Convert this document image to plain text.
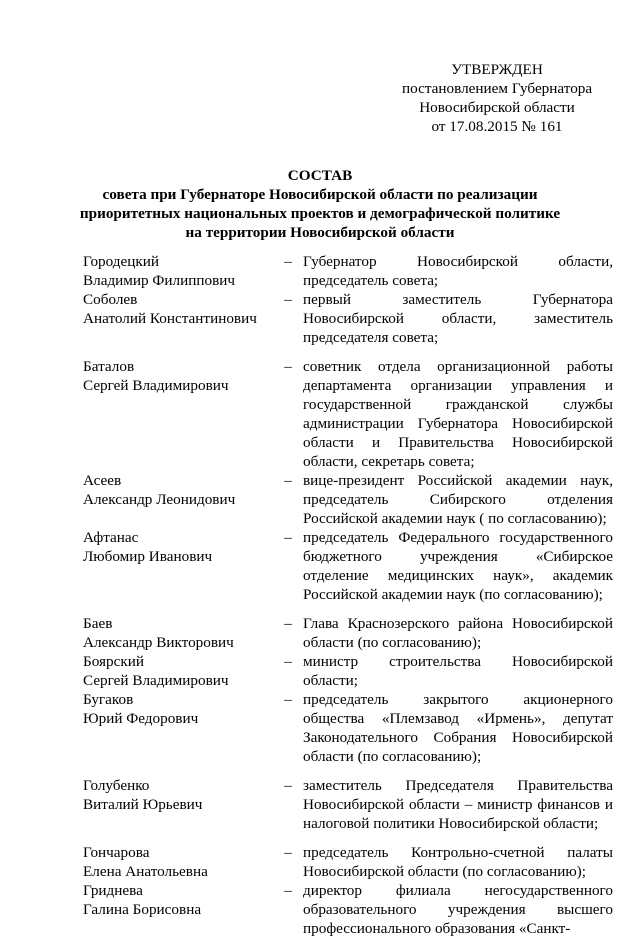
УТВЕРЖДЕН
постановлением Губернатора
Новосибирской области
от 17.08.2015 № 161
СОСТАВ
совета при Губернаторе Новосибирской области по реализации
приоритетных национальных проектов и демографической политике
на территории Новосибирской области
Городецкий
Владимир Филиппович
– Губернатор Новосибирской области, председатель совета;
Соболев
Анатолий Константинович
– первый заместитель Губернатора Новосибирской области, заместитель председателя совета;
Баталов
Сергей Владимирович
– советник отдела организационной работы департамента организации управления и государственной гражданской службы администрации Губернатора Новосибирской области и Правительства Новосибирской области, секретарь совета;
Асеев
Александр Леонидович
– вице-президент Российской академии наук, председатель Сибирского отделения Российской академии наук ( по согласованию);
Афтанас
Любомир Иванович
– председатель Федерального государственного бюджетного учреждения «Сибирское отделение медицинских наук», академик Российской академии наук (по согласованию);
Баев
Александр Викторович
– Глава Краснозерского района Новосибирской области (по согласованию);
Боярский
Сергей Владимирович
– министр строительства Новосибирской области;
Бугаков
Юрий Федорович
– председатель закрытого акционерного общества «Племзавод «Ирмень», депутат Законодательного Собрания Новосибирской области (по согласованию);
Голубенко
Виталий Юрьевич
– заместитель Председателя Правительства Новосибирской области – министр финансов и налоговой политики Новосибирской области;
Гончарова
Елена Анатольевна
– председатель Контрольно-счетной палаты Новосибирской области (по согласованию);
Гриднева
Галина Борисовна
– директор филиала негосударственного образовательного учреждения высшего профессионального образования «Санкт-
